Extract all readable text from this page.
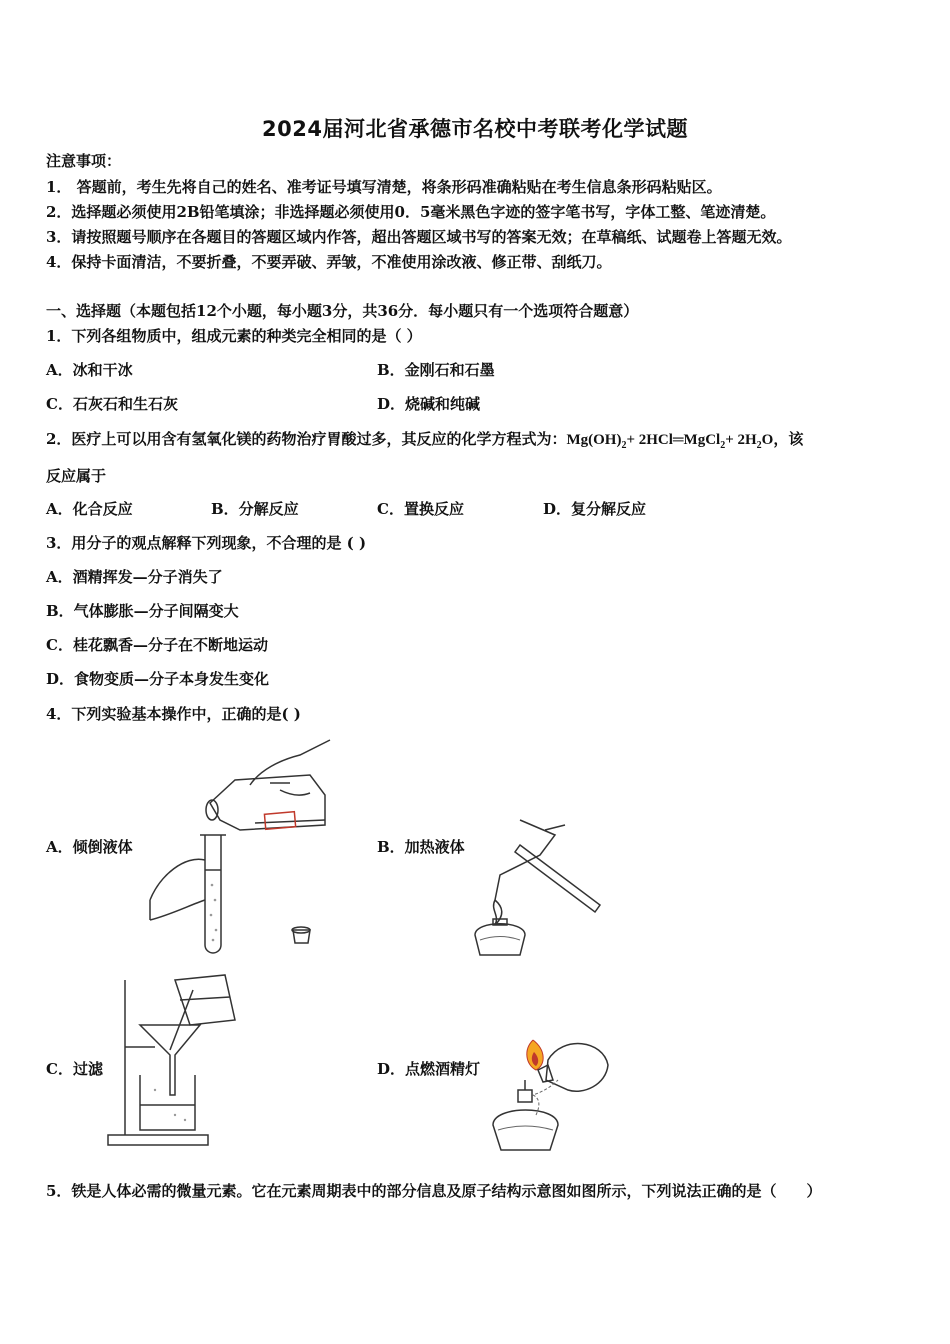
2024届河北省承德市名校中考联考化学试题
注意事项：
1． 答题前，考生先将自己的姓名、准考证号填写清楚，将条形码准确粘贴在考生信息条形码粘贴区。
2．选择题必须使用2B铅笔填涂；非选择题必须使用0．5毫米黑色字迹的签字笔书写，字体工整、笔迹清楚。
3．请按照题号顺序在各题目的答题区域内作答，超出答题区域书写的答案无效；在草稿纸、试题卷上答题无效。
4．保持卡面清洁，不要折叠，不要弄破、弄皱，不准使用涂改液、修正带、刮纸刀。
一、选择题（本题包括12个小题，每小题3分，共36分．每小题只有一个选项符合题意）
1．下列各组物质中，组成元素的种类完全相同的是（ ）
A．冰和干冰	B．金刚石和石墨
C．石灰石和生石灰	D．烧碱和纯碱
2．医疗上可以用含有氢氧化镁的药物治疗胃酸过多，其反应的化学方程式为：$Mg(OH)_2+$ 2HCl═MgCl$_2$+ $2H_2O$，该
反应属于
A．化合反应	B．分解反应	C．置换反应	D．复分解反应
3．用分子的观点解释下列现象，不合理的是 ( )
A．酒精挥发—分子消失了
B．气体膨胀—分子间隔变大
C．桂花飘香—分子在不断地运动
D．食物变质—分子本身发生变化
4．下列实验基本操作中，正确的是( )
A．倾倒液体	B．加热液体
C．过滤	D．点燃酒精灯
5．铁是人体必需的微量元素。它在元素周期表中的部分信息及原子结构示意图如图所示，下列说法正确的是（　　）
